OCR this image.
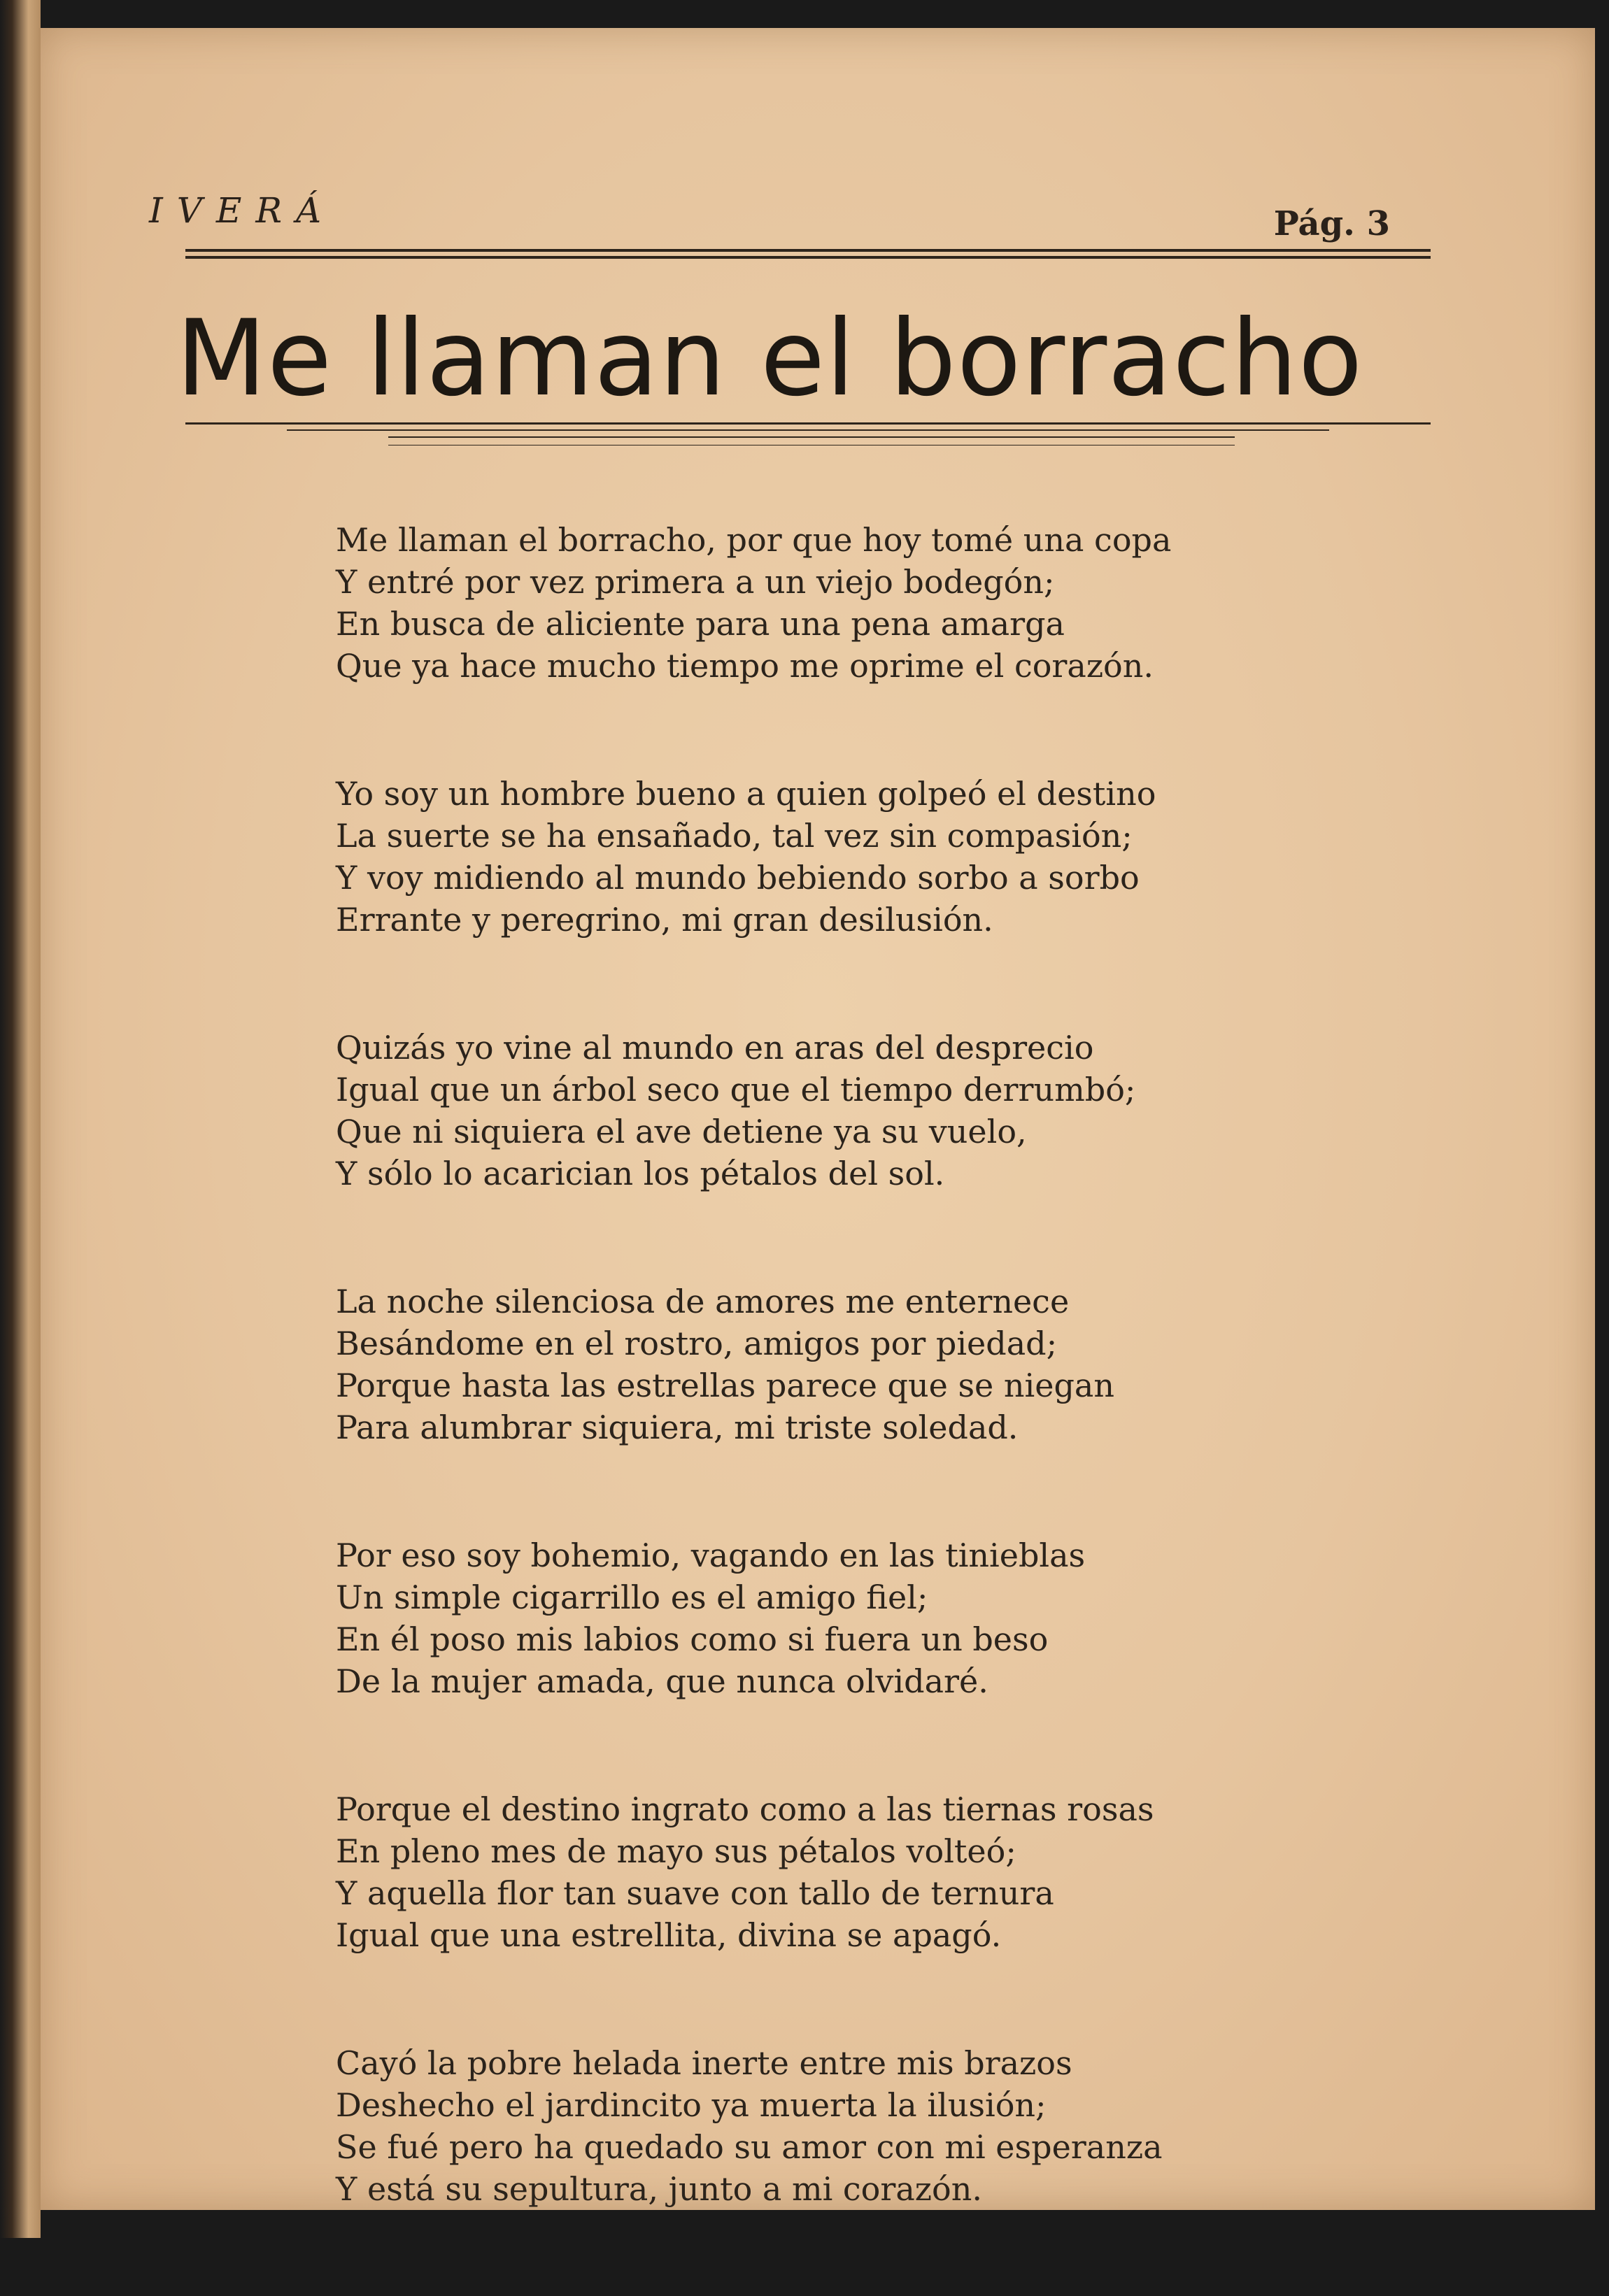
IVERÁ	Pág. 3
Me llaman el borracho
Me llaman el borracho, por que hoy tomé una copa
Y entré por vez primera a un viejo bodegón;
En busca de aliciente para una pena amarga
Que ya hace mucho tiempo me oprime el corazón.
Yo soy un hombre bueno a quien golpeó el destino
La suerte se ha ensañado, tal vez sin compasión;
Y voy midiendo al mundo bebiendo sorbo a sorbo
Errante y peregrino, mi gran desilusión.
Quizás yo vine al mundo en aras del desprecio
Igual que un árbol seco que el tiempo derrumbó;
Que ni siquiera el ave detiene ya su vuelo,
Y sólo lo acarician los pétalos del sol.
La noche silenciosa de amores me enternece
Besándome en el rostro, amigos por piedad;
Porque hasta las estrellas parece que se niegan
Para alumbrar siquiera, mi triste soledad.
Por eso soy bohemio, vagando en las tinieblas
Un simple cigarrillo es el amigo fiel;
En él poso mis labios como si fuera un beso
De la mujer amada, que nunca olvidaré.
Porque el destino ingrato como a las tiernas rosas
En pleno mes de mayo sus pétalos volteó;
Y aquella flor tan suave con tallo de ternura
Igual que una estrellita, divina se apagó.
Cayó la pobre helada inerte entre mis brazos
Deshecho el jardincito ya muerta la ilusión;
Se fué pero ha quedado su amor con mi esperanza
Y está su sepultura, junto a mi corazón.
